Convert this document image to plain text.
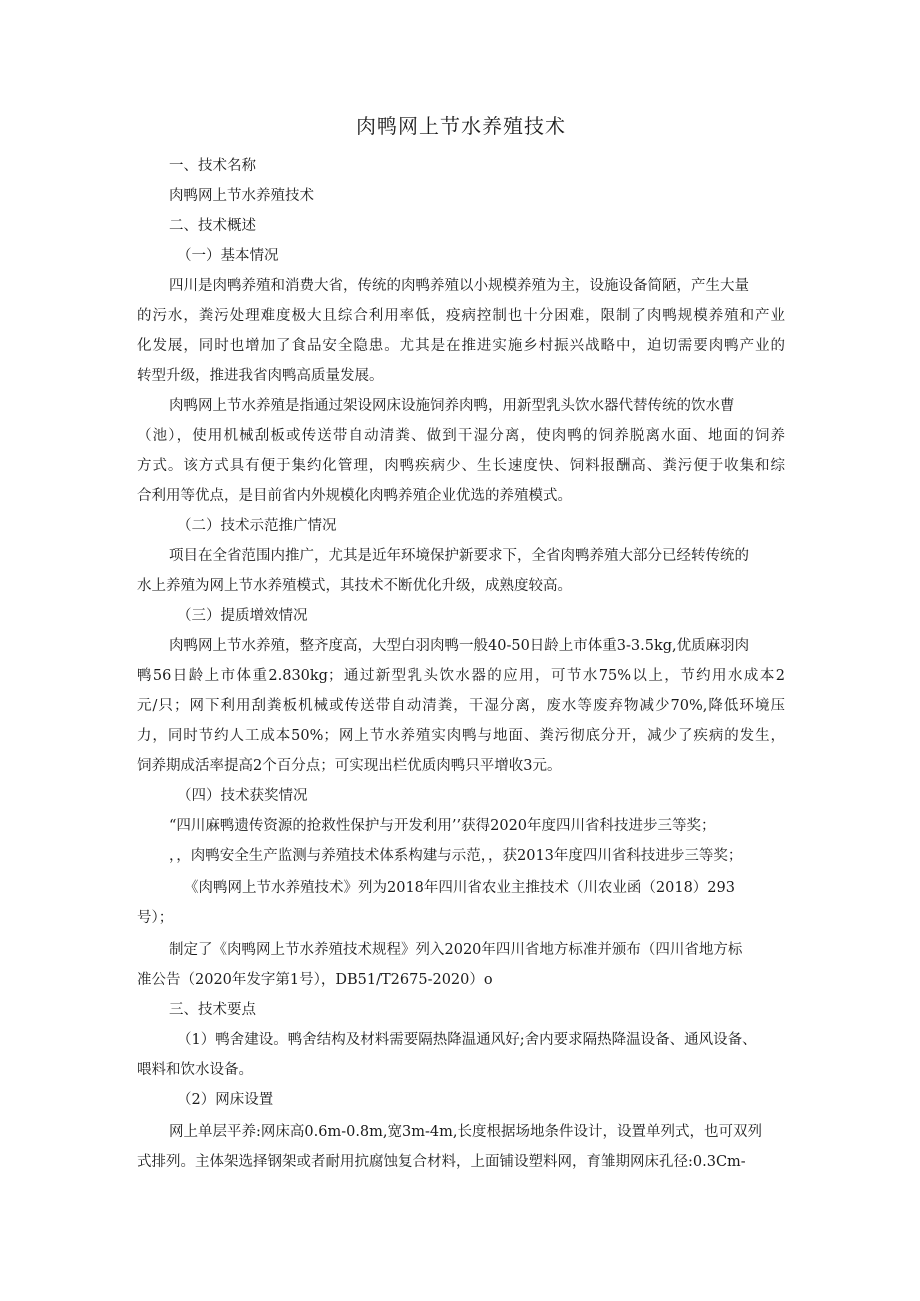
肉鸭网上节水养殖技术
一、技术名称
肉鸭网上节水养殖技术
二、技术概述
（一）基本情况
四川是肉鸭养殖和消费大省，传统的肉鸭养殖以小规模养殖为主，设施设备简陋，产生大量
的污水，粪污处理难度极大且综合利用率低，疫病控制也十分困难，限制了肉鸭规模养殖和产业
化发展，同时也增加了食品安全隐患。尤其是在推进实施乡村振兴战略中，迫切需要肉鸭产业的
转型升级，推进我省肉鸭高质量发展。
肉鸭网上节水养殖是指通过架设网床设施饲养肉鸭，用新型乳头饮水器代替传统的饮水曹
（池），使用机械刮板或传送带自动清粪、做到干湿分离，使肉鸭的饲养脱离水面、地面的饲养
方式。该方式具有便于集约化管理，肉鸭疾病少、生长速度快、饲料报酬高、粪污便于收集和综
合利用等优点，是目前省内外规模化肉鸭养殖企业优选的养殖模式。
（二）技术示范推广情况
项目在全省范围内推广，尤其是近年环境保护新要求下，全省肉鸭养殖大部分已经转传统的
水上养殖为网上节水养殖模式，其技术不断优化升级，成熟度较高。
（三）提质增效情况
肉鸭网上节水养殖，整齐度高，大型白羽肉鸭一般40-50日龄上市体重3-3.5kg,优质麻羽肉
鸭56日龄上市体重2.830kg；通过新型乳头饮水器的应用，可节水75%以上，节约用水成本2
元/只；网下利用刮粪板机械或传送带自动清粪，干湿分离，废水等废弃物减少70%,降低环境压
力，同时节约人工成本50%；网上节水养殖实肉鸭与地面、粪污彻底分开，减少了疾病的发生，
饲养期成活率提高2个百分点；可实现出栏优质肉鸭只平增收3元。
（四）技术获奖情况
“四川麻鸭遗传资源的抢救性保护与开发利用’’获得2020年度四川省科技进步三等奖；
，，肉鸭安全生产监测与养殖技术体系构建与示范，，获2013年度四川省科技进步三等奖；
《肉鸭网上节水养殖技术》列为2018年四川省农业主推技术（川农业函（2018）293
号）；
制定了《肉鸭网上节水养殖技术规程》列入2020年四川省地方标准并颁布（四川省地方标
准公告（2020年发字第1号），DB51/T2675-2020）o
三、技术要点
（1）鸭舍建设。鸭舍结构及材料需要隔热降温通风好;舍内要求隔热降温设备、通风设备、
喂料和饮水设备。
（2）网床设置
网上单层平养:网床高0.6m-0.8m,宽3m-4m,长度根据场地条件设计，设置单列式，也可双列
式排列。主体架选择钢架或者耐用抗腐蚀复合材料，上面铺设塑料网，育雏期网床孔径:0.3Cm-
